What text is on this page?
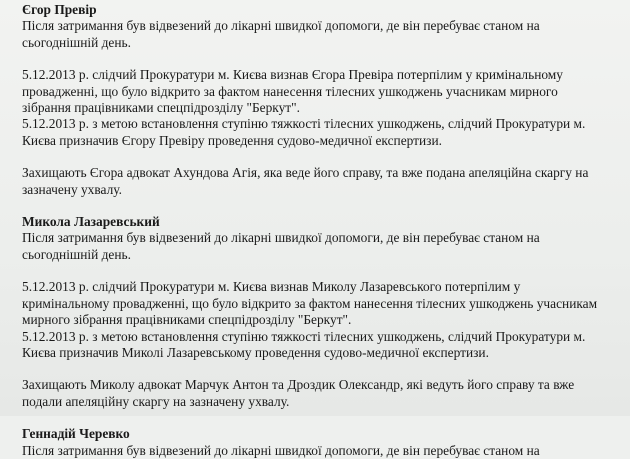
Єгор Превір
Після затримання був відвезений до лікарні швидкої допомоги, де він перебуває станом на
сьогоднішній день.
5.12.2013 р. слідчий Прокуратури м. Києва визнав Єгора Превіра потерпілим у кримінальному
провадженні, що було відкрито за фактом нанесення тілесних ушкоджень учасникам мирного
зібрання працівниками спецпідрозділу "Беркут".
5.12.2013 р. з метою встановлення ступіню тяжкості тілесних ушкоджень, слідчий Прокуратури м.
Києва призначив Єгору Превіру проведення судово-медичної експертизи.
Захищають Єгора адвокат Ахундова Агія, яка веде його справу, та вже подана апеляційна скаргу на
зазначену ухвалу.
Микола Лазаревський
Після затримання був відвезений до лікарні швидкої допомоги, де він перебуває станом на
сьогоднішній день.
5.12.2013 р. слідчий Прокуратури м. Києва визнав Миколу Лазаревського потерпілим у
кримінальному провадженні, що було відкрито за фактом нанесення тілесних ушкоджень учасникам
мирного зібрання працівниками спецпідрозділу "Беркут".
5.12.2013 р. з метою встановлення ступіню тяжкості тілесних ушкоджень, слідчий Прокуратури м.
Києва призначив Миколі Лазаревському проведення судово-медичної експертизи.
Захищають Миколу адвокат Марчук Антон та Дроздик Олександр, які ведуть його справу та вже
подали апеляційну скаргу на зазначену ухвалу.
Геннадій Черевко
Після затримання був відвезений до лікарні швидкої допомоги, де він перебуває станом на
